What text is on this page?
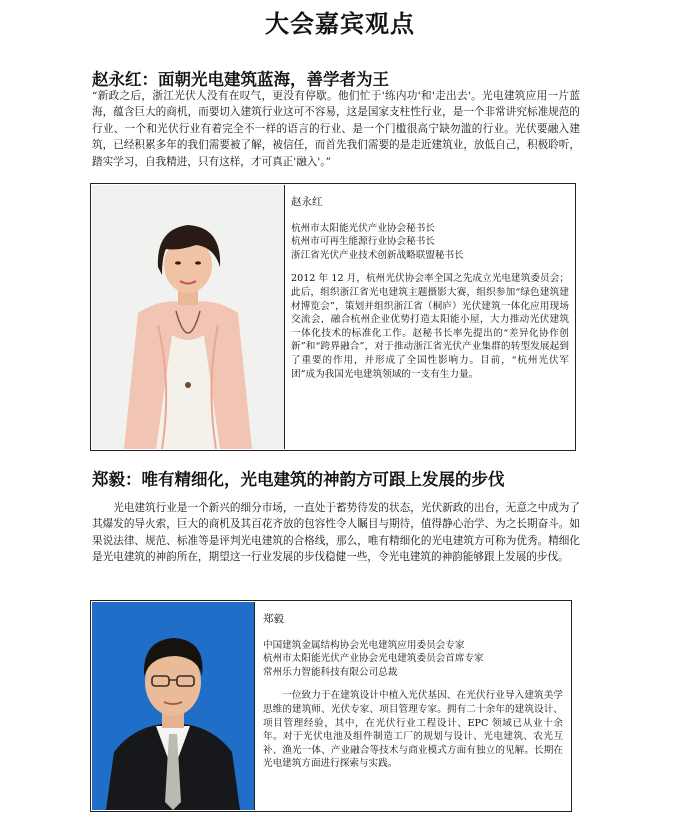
大会嘉宾观点
赵永红：面朝光电建筑蓝海，善学者为王
“新政之后，浙江光伏人没有在叹气，更没有停歇。他们忙于'练内功'和'走出去'。光电建筑应用一片蓝海，蕴含巨大的商机，而要切入建筑行业这可不容易，这是国家支柱性行业，是一个非常讲究标准规范的行业、一个和光伏行业有着完全不一样的语言的行业、是一个门槛很高宁缺勿滥的行业。光伏要融入建筑，已经积累多年的我们需要被了解，被信任，而首先我们需要的是走近建筑业，放低自己，积极聆听，踏实学习，自我精进，只有这样，才可真正'融入'。”
赵永红
杭州市太阳能光伏产业协会秘书长
杭州市可再生能源行业协会秘书长
浙江省光伏产业技术创新战略联盟秘书长
2012 年 12 月，杭州光伏协会率全国之先成立光电建筑委员会；此后，组织浙江省光电建筑主题摄影大赛，组织参加“绿色建筑建材博览会”，策划并组织浙江省（桐庐）光伏建筑一体化应用现场交流会，融合杭州企业优势打造太阳能小屋，大力推动光伏建筑一体化技术的标准化工作。赵秘书长率先提出的“差异化协作创新”和“跨界融合”，对于推动浙江省光伏产业集群的转型发展起到了重要的作用，并形成了全国性影响力。目前，“杭州光伏军团”成为我国光电建筑领域的一支有生力量。
郑毅：唯有精细化，光电建筑的神韵方可跟上发展的步伐
光电建筑行业是一个新兴的细分市场，一直处于蓄势待发的状态，光伏新政的出台，无意之中成为了其爆发的导火索，巨大的商机及其百花齐放的包容性令人瞩目与期待，值得静心治学、为之长期奋斗。如果说法律、规范、标准等是评判光电建筑的合格线，那么，唯有精细化的光电建筑方可称为优秀。精细化是光电建筑的神韵所在，期望这一行业发展的步伐稳健一些，令光电建筑的神韵能够跟上发展的步伐。
郑毅
中国建筑金属结构协会光电建筑应用委员会专家
杭州市太阳能光伏产业协会光电建筑委员会首席专家
常州乐力智能科技有限公司总裁
一位致力于在建筑设计中植入光伏基因、在光伏行业导入建筑美学思维的建筑师、光伏专家、项目管理专家。拥有二十余年的建筑设计、项目管理经验，其中，在光伏行业工程设计、EPC 领域已从业十余年。对于光伏电池及组件制造工厂的规划与设计、光电建筑、农光互补、渔光一体、产业融合等技术与商业模式方面有独立的见解。长期在光电建筑方面进行探索与实践。
